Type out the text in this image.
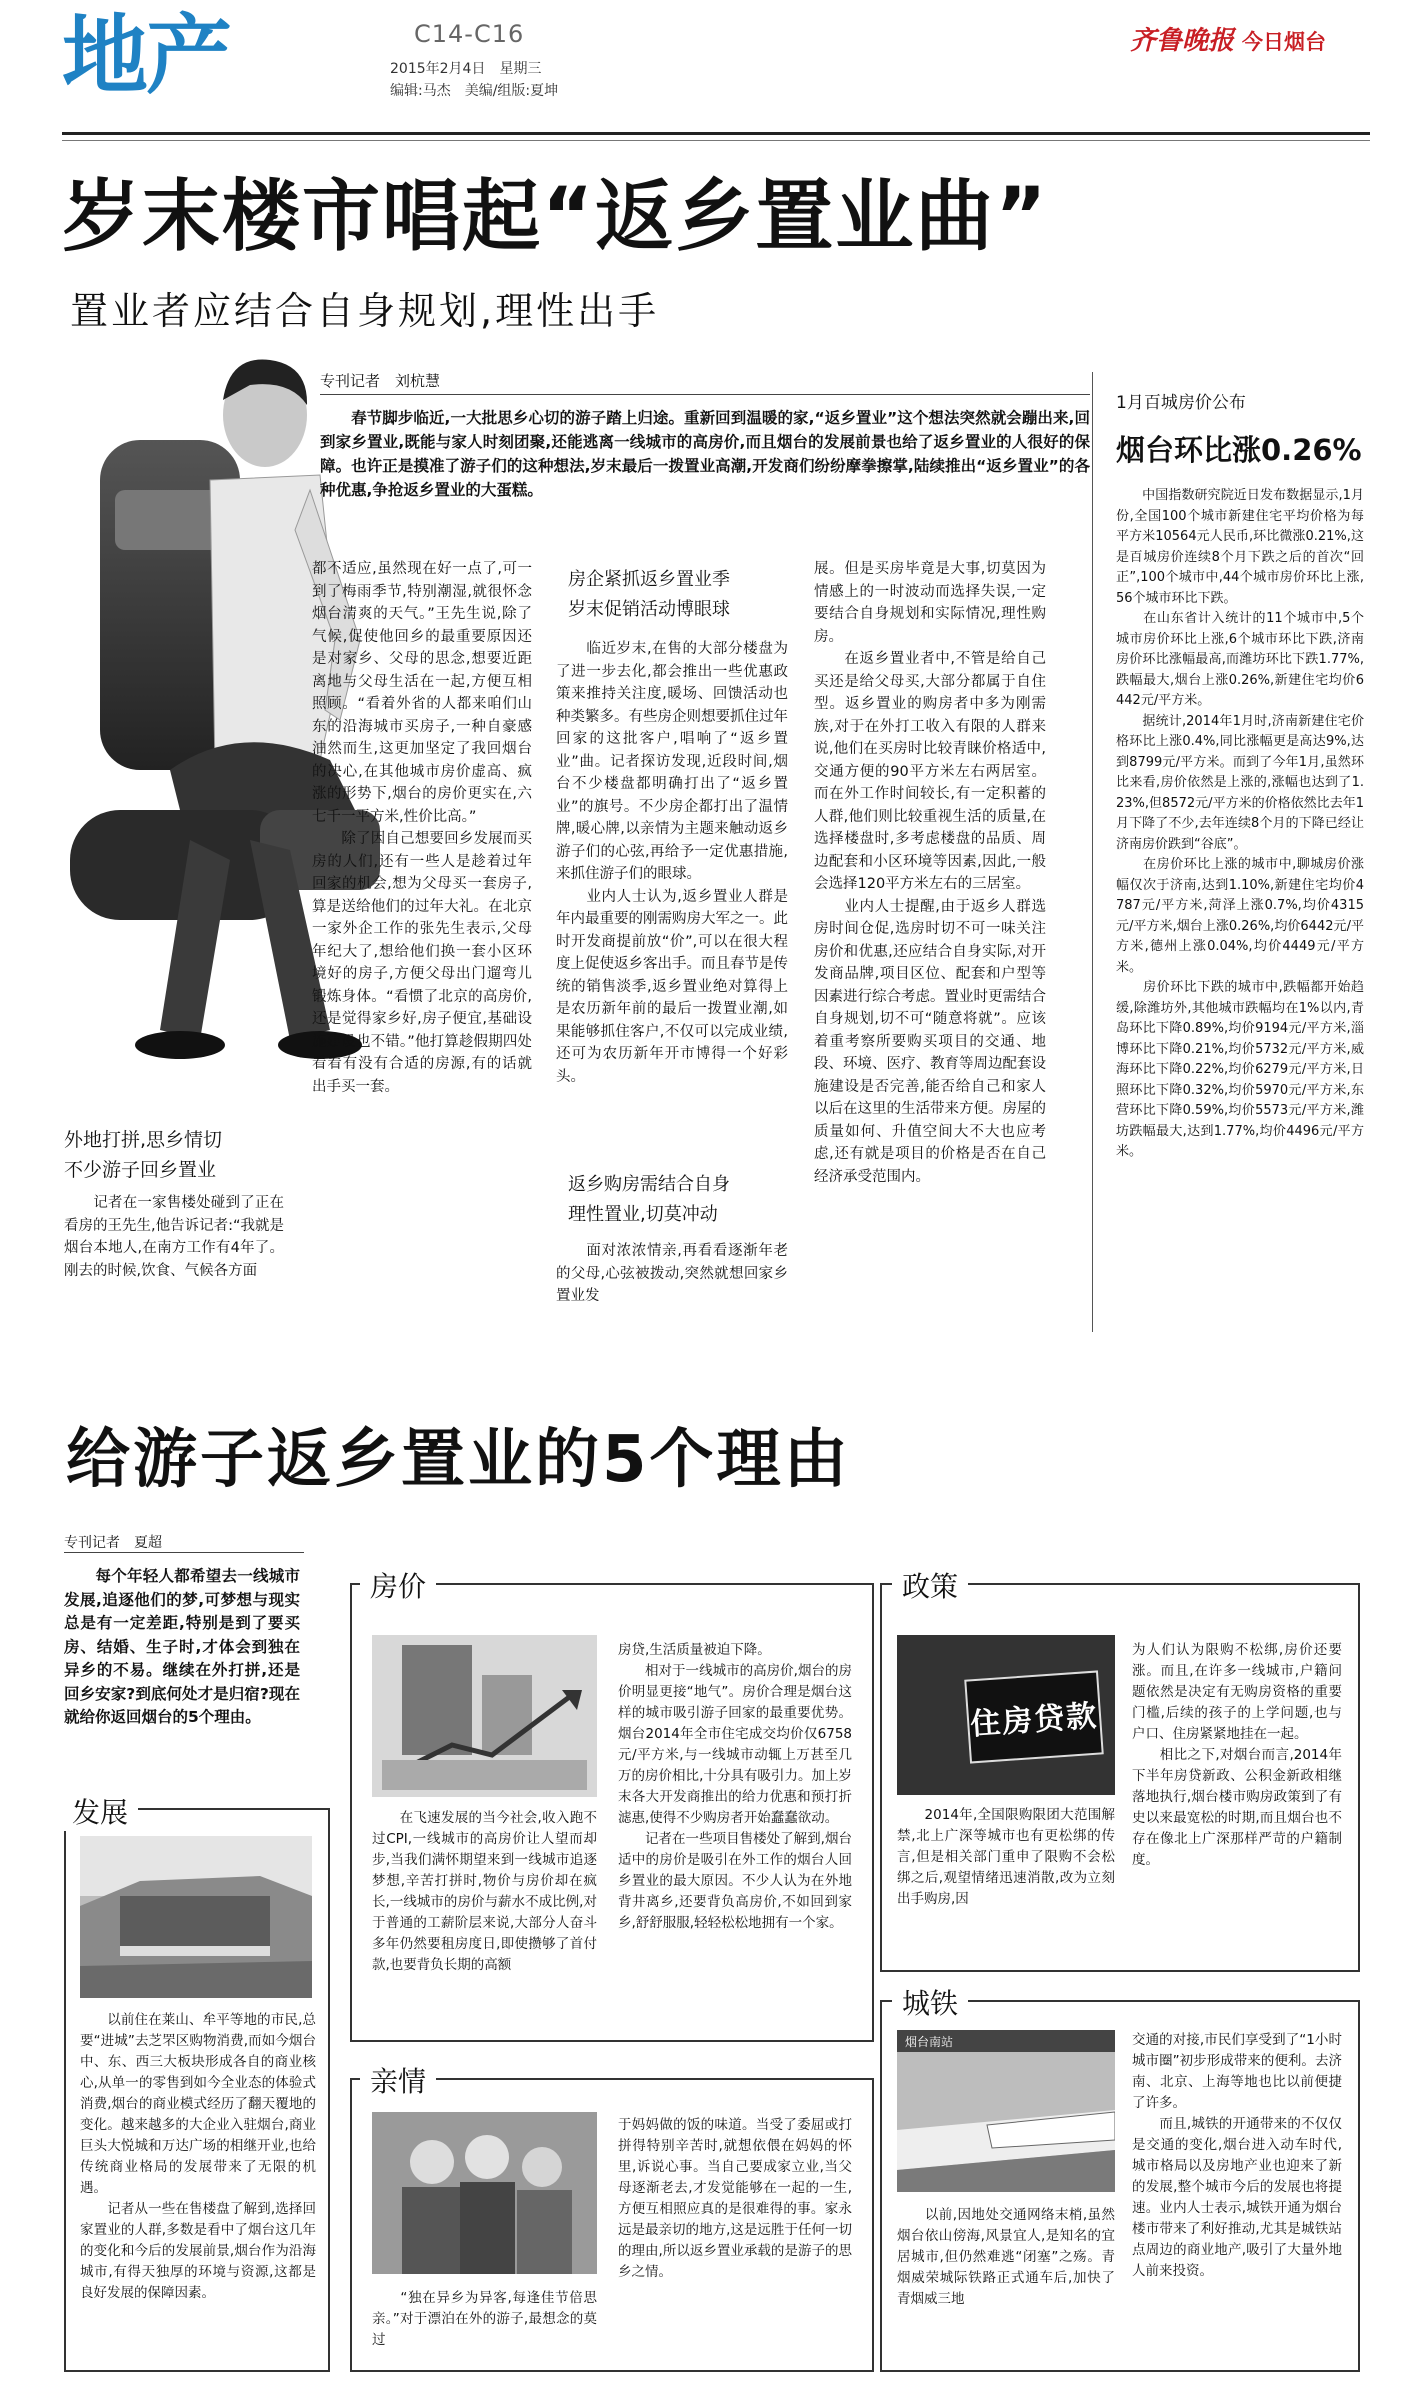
地产	C14-C16
2015年2月4日　星期三
编辑:马杰　美编/组版:夏坤
齐鲁晚报 今日烟台
岁末楼市唱起“返乡置业曲”
置业者应结合自身规划,理性出手
专刊记者　刘杭慧
　　春节脚步临近,一大批思乡心切的游子踏上归途。重新回到温暖的家,“返乡置业”这个想法突然就会蹦出来,回到家乡置业,既能与家人时刻团聚,还能逃离一线城市的高房价,而且烟台的发展前景也给了返乡置业的人很好的保障。也许正是摸准了游子们的这种想法,岁末最后一拨置业高潮,开发商们纷纷摩拳擦掌,陆续推出“返乡置业”的各种优惠,争抢返乡置业的大蛋糕。
外地打拼,思乡情切
不少游子回乡置业
　　记者在一家售楼处碰到了正在看房的王先生,他告诉记者:“我就是烟台本地人,在南方工作有4年了。刚去的时候,饮食、气候各方面
都不适应,虽然现在好一点了,可一到了梅雨季节,特别潮湿,就很怀念烟台清爽的天气。”王先生说,除了气候,促使他回乡的最重要原因还是对家乡、父母的思念,想要近距离地与父母生活在一起,方便互相照顾。“看着外省的人都来咱们山东的沿海城市买房子,一种自豪感油然而生,这更加坚定了我回烟台的决心,在其他城市房价虚高、疯涨的形势下,烟台的房价更实在,六七千一平方米,性价比高。”
　　除了因自己想要回乡发展而买房的人们,还有一些人是趁着过年回家的机会,想为父母买一套房子,算是送给他们的过年大礼。在北京一家外企工作的张先生表示,父母年纪大了,想给他们换一套小区环境好的房子,方便父母出门遛弯儿锻炼身体。“看惯了北京的高房价,还是觉得家乡好,房子便宜,基础设施建设也不错。”他打算趁假期四处看看有没有合适的房源,有的话就出手买一套。
房企紧抓返乡置业季
岁末促销活动博眼球
　　临近岁末,在售的大部分楼盘为了进一步去化,都会推出一些优惠政策来推持关注度,暖场、回馈活动也种类繁多。有些房企则想要抓住过年回家的这批客户,唱响了“返乡置业”曲。记者探访发现,近段时间,烟台不少楼盘都明确打出了“返乡置业”的旗号。不少房企都打出了温情牌,暖心牌,以亲情为主题来触动返乡游子们的心弦,再给予一定优惠措施,来抓住游子们的眼球。
　　业内人士认为,返乡置业人群是年内最重要的刚需购房大军之一。此时开发商提前放“价”,可以在很大程度上促使返乡客出手。而且春节是传统的销售淡季,返乡置业绝对算得上是农历新年前的最后一拨置业潮,如果能够抓住客户,不仅可以完成业绩,还可为农历新年开市博得一个好彩头。
返乡购房需结合自身
理性置业,切莫冲动
　　面对浓浓情亲,再看看逐渐年老的父母,心弦被拨动,突然就想回家乡置业发
展。但是买房毕竟是大事,切莫因为情感上的一时波动而选择失误,一定要结合自身规划和实际情况,理性购房。
　　在返乡置业者中,不管是给自己买还是给父母买,大部分都属于自住型。返乡置业的购房者中多为刚需族,对于在外打工收入有限的人群来说,他们在买房时比较青睐价格适中,交通方便的90平方米左右两居室。而在外工作时间较长,有一定积蓄的人群,他们则比较重视生活的质量,在选择楼盘时,多考虑楼盘的品质、周边配套和小区环境等因素,因此,一般会选择120平方米左右的三居室。
　　业内人士提醒,由于返乡人群选房时间仓促,选房时切不可一味关注房价和优惠,还应结合自身实际,对开发商品牌,项目区位、配套和户型等因素进行综合考虑。置业时更需结合自身规划,切不可“随意将就”。应该着重考察所要购买项目的交通、地段、环境、医疗、教育等周边配套设施建设是否完善,能否给自己和家人以后在这里的生活带来方便。房屋的质量如何、升值空间大不大也应考虑,还有就是项目的价格是否在自己经济承受范围内。
1月百城房价公布
烟台环比涨0.26%
　　中国指数研究院近日发布数据显示,1月份,全国100个城市新建住宅平均价格为每平方米10564元人民币,环比微涨0.21%,这是百城房价连续8个月下跌之后的首次“回正”,100个城市中,44个城市房价环比上涨,56个城市环比下跌。
　　在山东省计入统计的11个城市中,5个城市房价环比上涨,6个城市环比下跌,济南房价环比涨幅最高,而潍坊环比下跌1.77%,跌幅最大,烟台上涨0.26%,新建住宅均价6442元/平方米。
　　据统计,2014年1月时,济南新建住宅价格环比上涨0.4%,同比涨幅更是高达9%,达到8799元/平方米。而到了今年1月,虽然环比来看,房价依然是上涨的,涨幅也达到了1.23%,但8572元/平方米的价格依然比去年1月下降了不少,去年连续8个月的下降已经让济南房价跌到“谷底”。
　　在房价环比上涨的城市中,聊城房价涨幅仅次于济南,达到1.10%,新建住宅均价4787元/平方米,菏泽上涨0.7%,均价4315元/平方米,烟台上涨0.26%,均价6442元/平方米,德州上涨0.04%,均价4449元/平方米。
　　房价环比下跌的城市中,跌幅都开始趋缓,除潍坊外,其他城市跌幅均在1%以内,青岛环比下降0.89%,均价9194元/平方米,淄博环比下降0.21%,均价5732元/平方米,威海环比下降0.22%,均价6279元/平方米,日照环比下降0.32%,均价5970元/平方米,东营环比下降0.59%,均价5573元/平方米,潍坊跌幅最大,达到1.77%,均价4496元/平方米。
给游子返乡置业的5个理由
专刊记者　夏超
　　每个年轻人都希望去一线城市发展,追逐他们的梦,可梦想与现实总是有一定差距,特别是到了要买房、结婚、生子时,才体会到独在异乡的不易。继续在外打拼,还是回乡安家?到底何处才是归宿?现在就给你返回烟台的5个理由。
发展
　　以前住在莱山、牟平等地的市民,总要“进城”去芝罘区购物消费,而如今烟台中、东、西三大板块形成各自的商业核心,从单一的零售到如今全业态的体验式消费,烟台的商业模式经历了翻天覆地的变化。越来越多的大企业入驻烟台,商业巨头大悦城和万达广场的相继开业,也给传统商业格局的发展带来了无限的机遇。
　　记者从一些在售楼盘了解到,选择回家置业的人群,多数是看中了烟台这几年的变化和今后的发展前景,烟台作为沿海城市,有得天独厚的环境与资源,这都是良好发展的保障因素。
房价
　　在飞速发展的当今社会,收入跑不过CPI,一线城市的高房价让人望而却步,当我们满怀期望来到一线城市追逐梦想,辛苦打拼时,物价与房价却在疯长,一线城市的房价与薪水不成比例,对于普通的工薪阶层来说,大部分人奋斗多年仍然要租房度日,即使攒够了首付款,也要背负长期的高额
房贷,生活质量被迫下降。
　　相对于一线城市的高房价,烟台的房价明显更接“地气”。房价合理是烟台这样的城市吸引游子回家的最重要优势。烟台2014年全市住宅成交均价仅6758元/平方米,与一线城市动辄上万甚至几万的房价相比,十分具有吸引力。加上岁末各大开发商推出的给力优惠和预打折滤惠,使得不少购房者开始蠢蠢欲动。
　　记者在一些项目售楼处了解到,烟台适中的房价是吸引在外工作的烟台人回乡置业的最大原因。不少人认为在外地背井离乡,还要背负高房价,不如回到家乡,舒舒服服,轻轻松松地拥有一个家。
亲情
　　“独在异乡为异客,每逢佳节倍思亲。”对于漂泊在外的游子,最想念的莫过
于妈妈做的饭的味道。当受了委屈或打拼得特别辛苦时,就想依偎在妈妈的怀里,诉说心事。当自己要成家立业,当父母逐渐老去,才发觉能够在一起的一生,方便互相照应真的是很难得的事。家永远是最亲切的地方,这是远胜于任何一切的理由,所以返乡置业承载的是游子的思乡之情。
政策
住房贷款
　　2014年,全国限购限团大范围解禁,北上广深等城市也有更松绑的传言,但是相关部门重申了限购不会松绑之后,观望情绪迅速消散,改为立刻出手购房,因
为人们认为限购不松绑,房价还要涨。而且,在许多一线城市,户籍问题依然是决定有无购房资格的重要门槛,后续的孩子的上学问题,也与户口、住房紧紧地挂在一起。
　　相比之下,对烟台而言,2014年下半年房贷新政、公积金新政相继落地执行,烟台楼市购房政策到了有史以来最宽松的时期,而且烟台也不存在像北上广深那样严苛的户籍制度。
城铁
烟台南站
　　以前,因地处交通网络末梢,虽然烟台依山傍海,风景宜人,是知名的宜居城市,但仍然难逃“闭塞”之殇。青烟威荣城际铁路正式通车后,加快了青烟威三地
交通的对接,市民们享受到了“1小时城市圈”初步形成带来的便利。去济南、北京、上海等地也比以前便捷了许多。
　　而且,城铁的开通带来的不仅仅是交通的变化,烟台进入动车时代,城市格局以及房地产业也迎来了新的发展,整个城市今后的发展也将提速。业内人士表示,城铁开通为烟台楼市带来了利好推动,尤其是城铁站点周边的商业地产,吸引了大量外地人前来投资。
